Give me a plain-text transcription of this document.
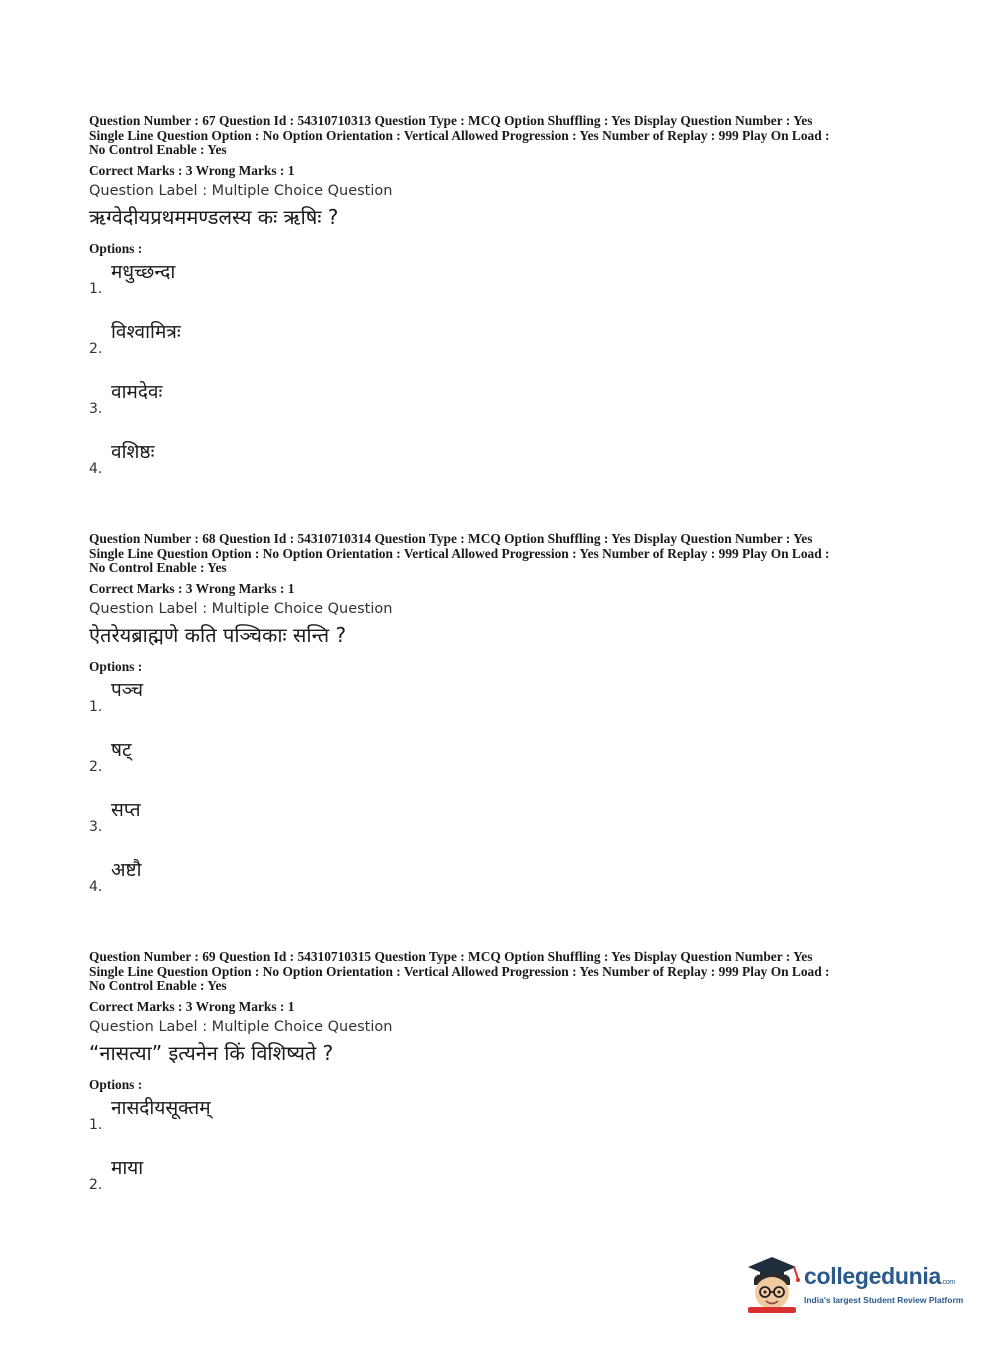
Question Number : 67 Question Id : 54310710313 Question Type : MCQ Option Shuffling : Yes Display Question Number : Yes
Single Line Question Option : No Option Orientation : Vertical Allowed Progression : Yes Number of Replay : 999 Play On Load :
No Control Enable : Yes
Correct Marks : 3 Wrong Marks : 1
Question Label : Multiple Choice Question
ऋग्वेदीयप्रथममण्डलस्य कः ऋषिः ?
Options :
1.
मधुच्छन्दा
2.
विश्वामित्रः
3.
वामदेवः
4.
वशिष्ठः
Question Number : 68 Question Id : 54310710314 Question Type : MCQ Option Shuffling : Yes Display Question Number : Yes
Single Line Question Option : No Option Orientation : Vertical Allowed Progression : Yes Number of Replay : 999 Play On Load :
No Control Enable : Yes
Correct Marks : 3 Wrong Marks : 1
Question Label : Multiple Choice Question
ऐतरेयब्राह्मणे कति पञ्चिकाः सन्ति ?
Options :
1.
पञ्च
2.
षट्
3.
सप्त
4.
अष्टौ
Question Number : 69 Question Id : 54310710315 Question Type : MCQ Option Shuffling : Yes Display Question Number : Yes
Single Line Question Option : No Option Orientation : Vertical Allowed Progression : Yes Number of Replay : 999 Play On Load :
No Control Enable : Yes
Correct Marks : 3 Wrong Marks : 1
Question Label : Multiple Choice Question
“नासत्या” इत्यनेन किं विशिष्यते ?
Options :
1.
नासदीयसूक्तम्
2.
माया
collegedunia.com
India's largest Student Review Platform
